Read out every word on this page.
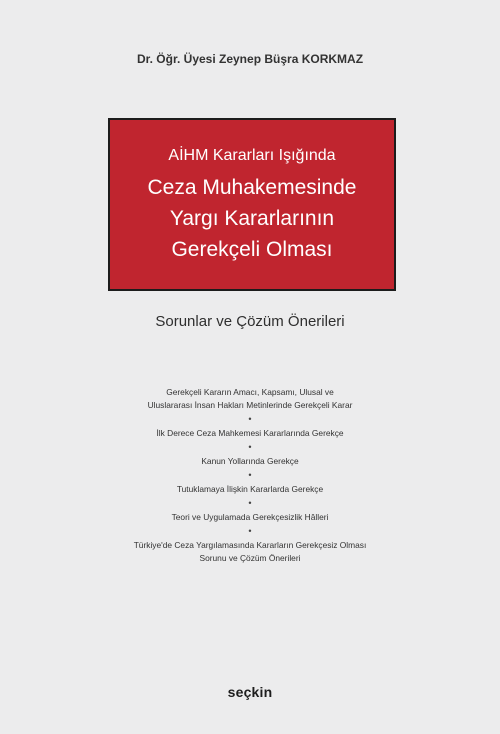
Dr. Öğr. Üyesi Zeynep Büşra KORKMAZ
AİHM Kararları Işığında
Ceza Muhakemesinde
Yargı Kararlarının
Gerekçeli Olması
Sorunlar ve Çözüm Önerileri
Gerekçeli Kararın Amacı, Kapsamı, Ulusal ve
Uluslararası İnsan Hakları Metinlerinde Gerekçeli Karar
•
İlk Derece Ceza Mahkemesi Kararlarında Gerekçe
•
Kanun Yollarında Gerekçe
•
Tutuklamaya İlişkin Kararlarda Gerekçe
•
Teori ve Uygulamada Gerekçesizlik Hâlleri
•
Türkiye'de Ceza Yargılamasında Kararların Gerekçesiz Olması
Sorunu ve Çözüm Önerileri
seçkin
